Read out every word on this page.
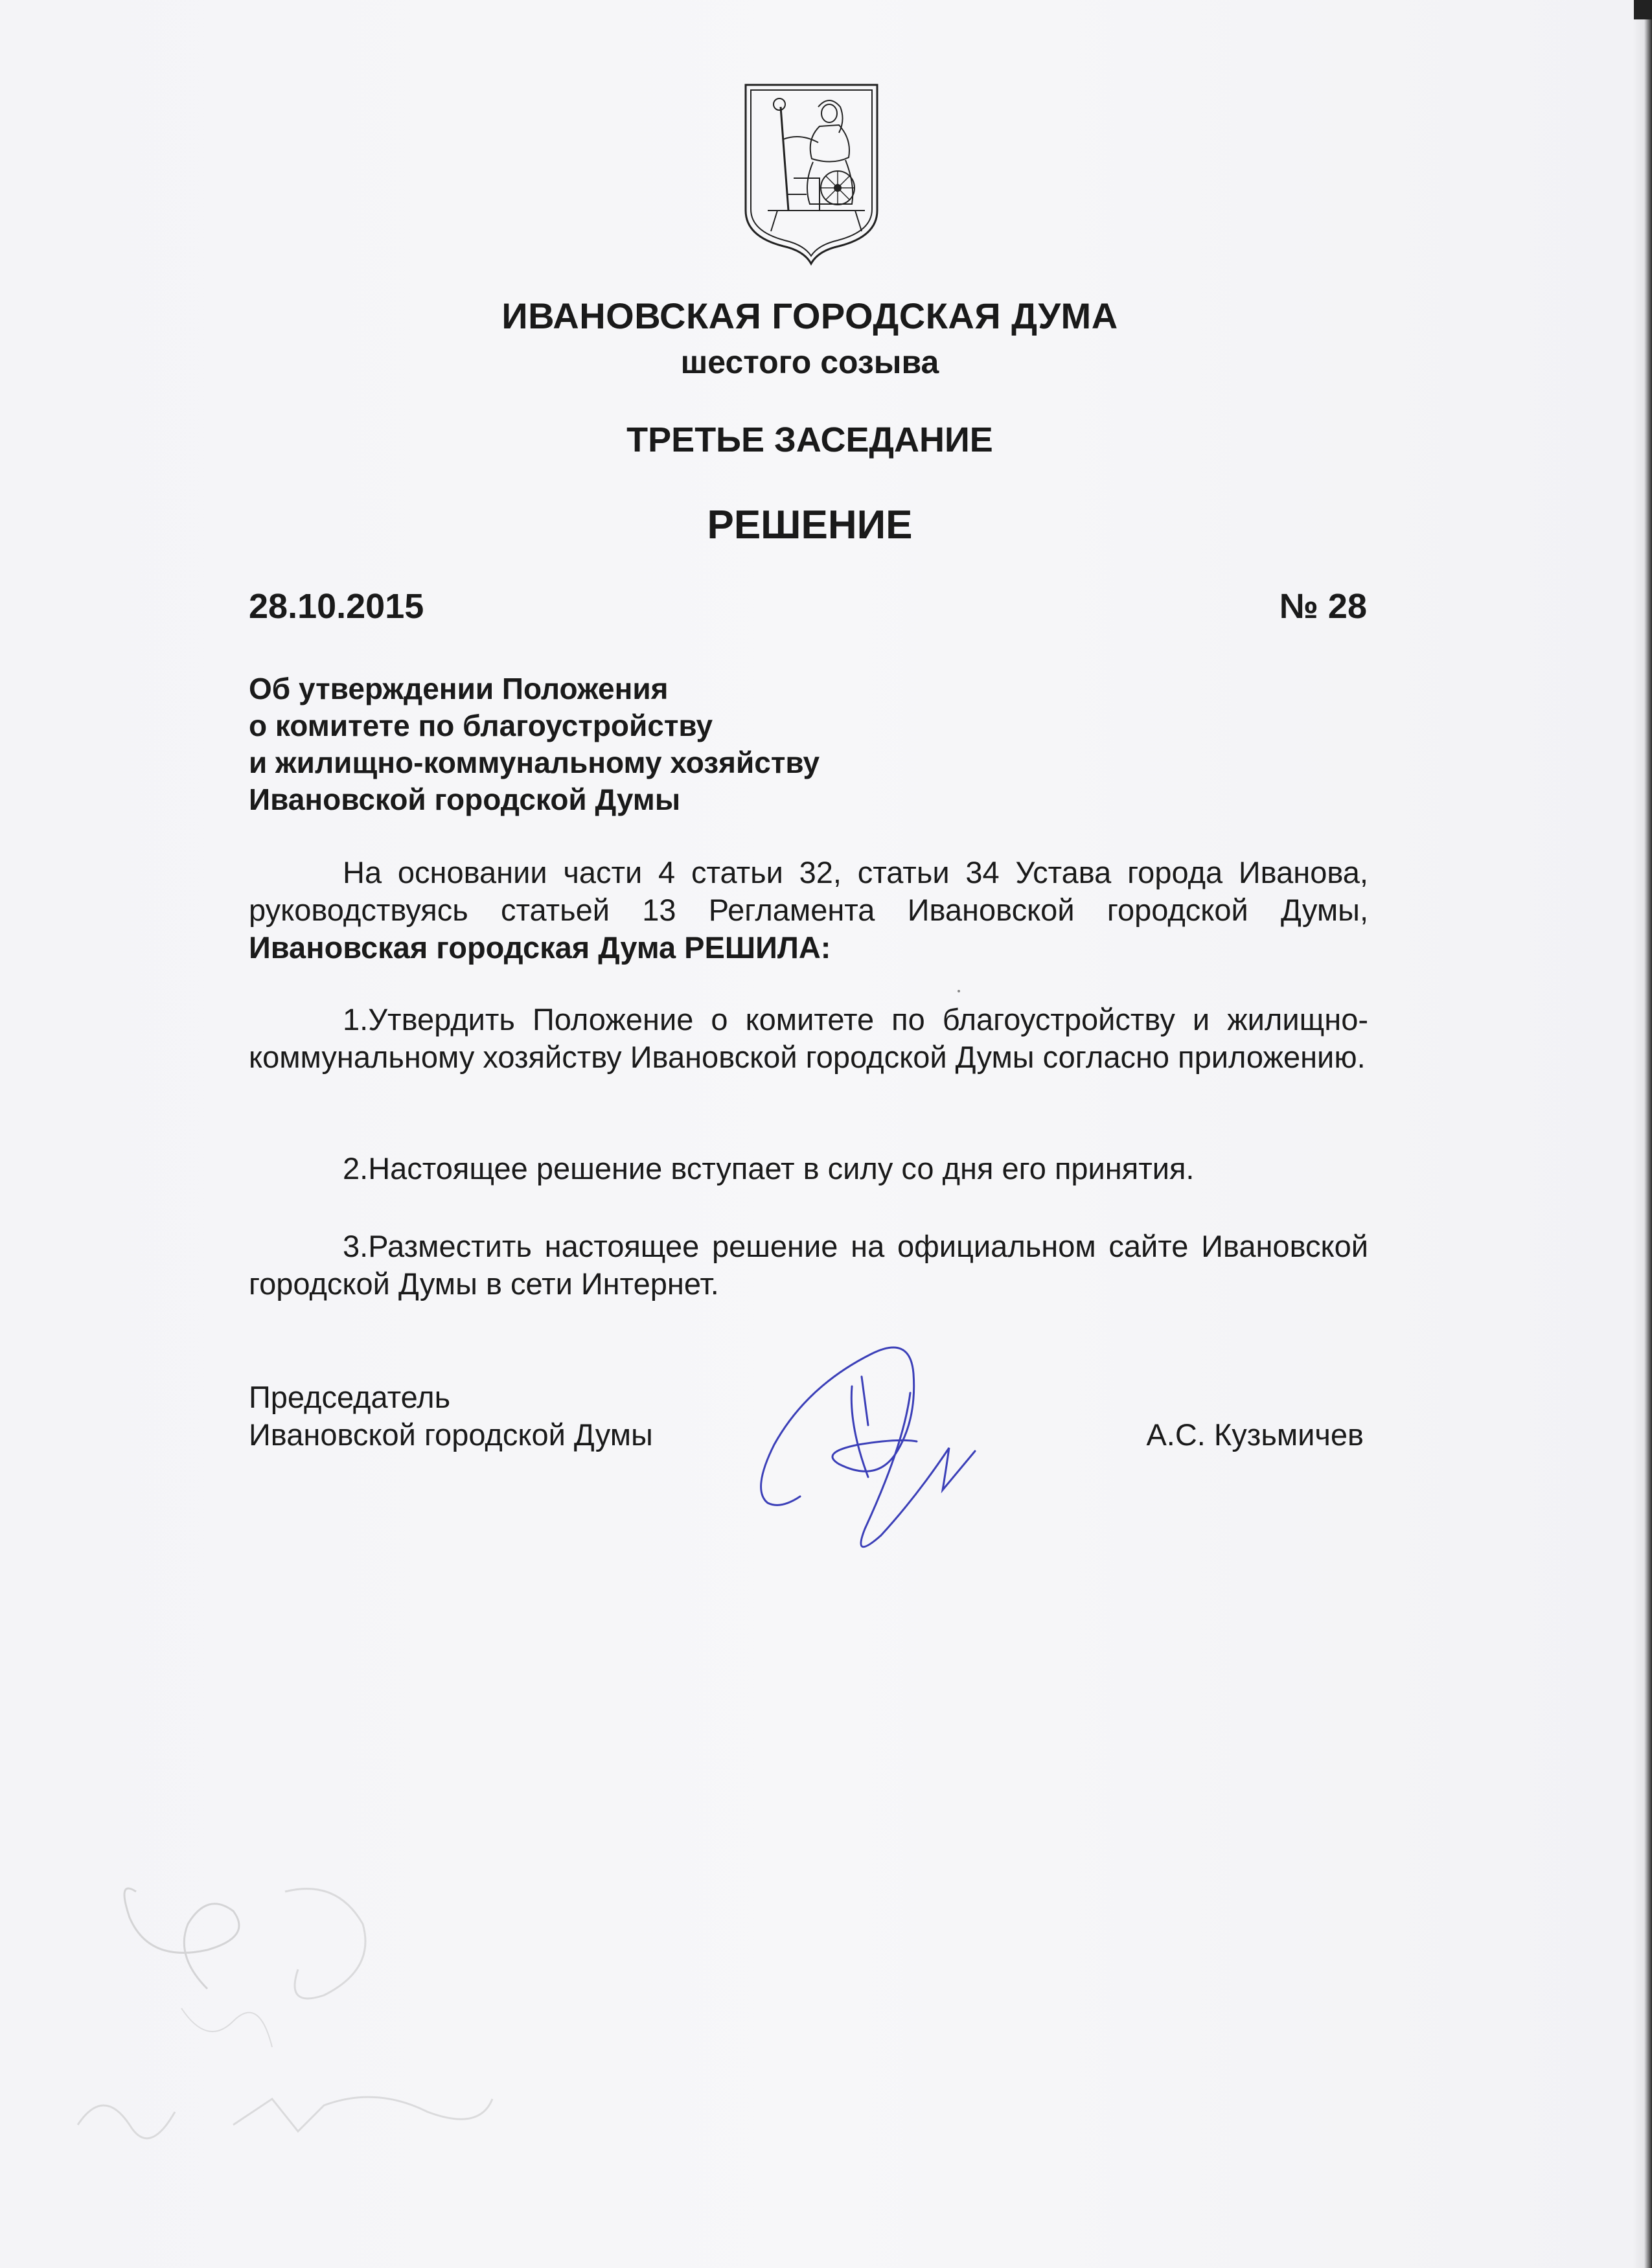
ИВАНОВСКАЯ ГОРОДСКАЯ ДУМА
шестого созыва
ТРЕТЬЕ ЗАСЕДАНИЕ
РЕШЕНИЕ
28.10.2015	№ 28
Об утверждении Положения
о комитете по благоустройству
и жилищно-коммунальному хозяйству
Ивановской городской Думы
На основании части 4 статьи 32, статьи 34 Устава города Иванова, руководствуясь статьей 13 Регламента Ивановской городской Думы, Ивановская городская Дума РЕШИЛА:
1.Утвердить Положение о комитете по благоустройству и жилищно-коммунальному хозяйству Ивановской городской Думы согласно приложению.
2.Настоящее решение вступает в силу со дня его принятия.
3.Разместить настоящее решение на официальном сайте Ивановской городской Думы в сети Интернет.
Председатель
Ивановской городской Думы	А.С. Кузьмичев
